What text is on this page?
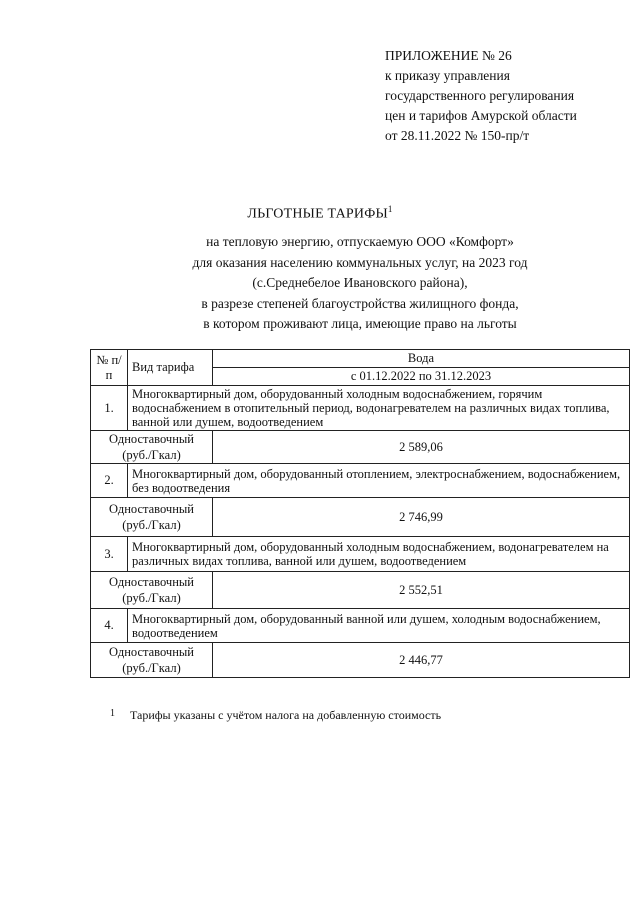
ПРИЛОЖЕНИЕ № 26
к приказу управления
государственного регулирования
цен и тарифов Амурской области
от 28.11.2022 № 150-пр/т
ЛЬГОТНЫЕ ТАРИФЫ$^1$
на тепловую энергию, отпускаемую ООО «Комфорт»
для оказания населению коммунальных услуг, на 2023 год
(с.Среднебелое Ивановского района),
в разрезе степеней благоустройства жилищного фонда,
в котором проживают лица, имеющие право на льготы
№ п/п	Вид тарифа	Вода
		с 01.12.2022 по 31.12.2023
1.	Многоквартирный дом, оборудованный холодным водоснабжением, горячим водоснабжением в отопительный период, водонагревателем на различных видах топлива, ванной или душем, водоотведением	
Одноставочный (руб./Гкал)		2 589,06
2.	Многоквартирный дом, оборудованный отоплением, электроснабжением, водоснабжением, без водоотведения	
Одноставочный (руб./Гкал)		2 746,99
3.	Многоквартирный дом, оборудованный холодным водоснабжением, водонагревателем на различных видах топлива, ванной или душем, водоотведением	
Одноставочный (руб./Гкал)		2 552,51
4.	Многоквартирный дом, оборудованный ванной или душем, холодным водоснабжением, водоотведением	
Одноставочный (руб./Гкал)		2 446,77
1 Тарифы указаны с учётом налога на добавленную стоимость
